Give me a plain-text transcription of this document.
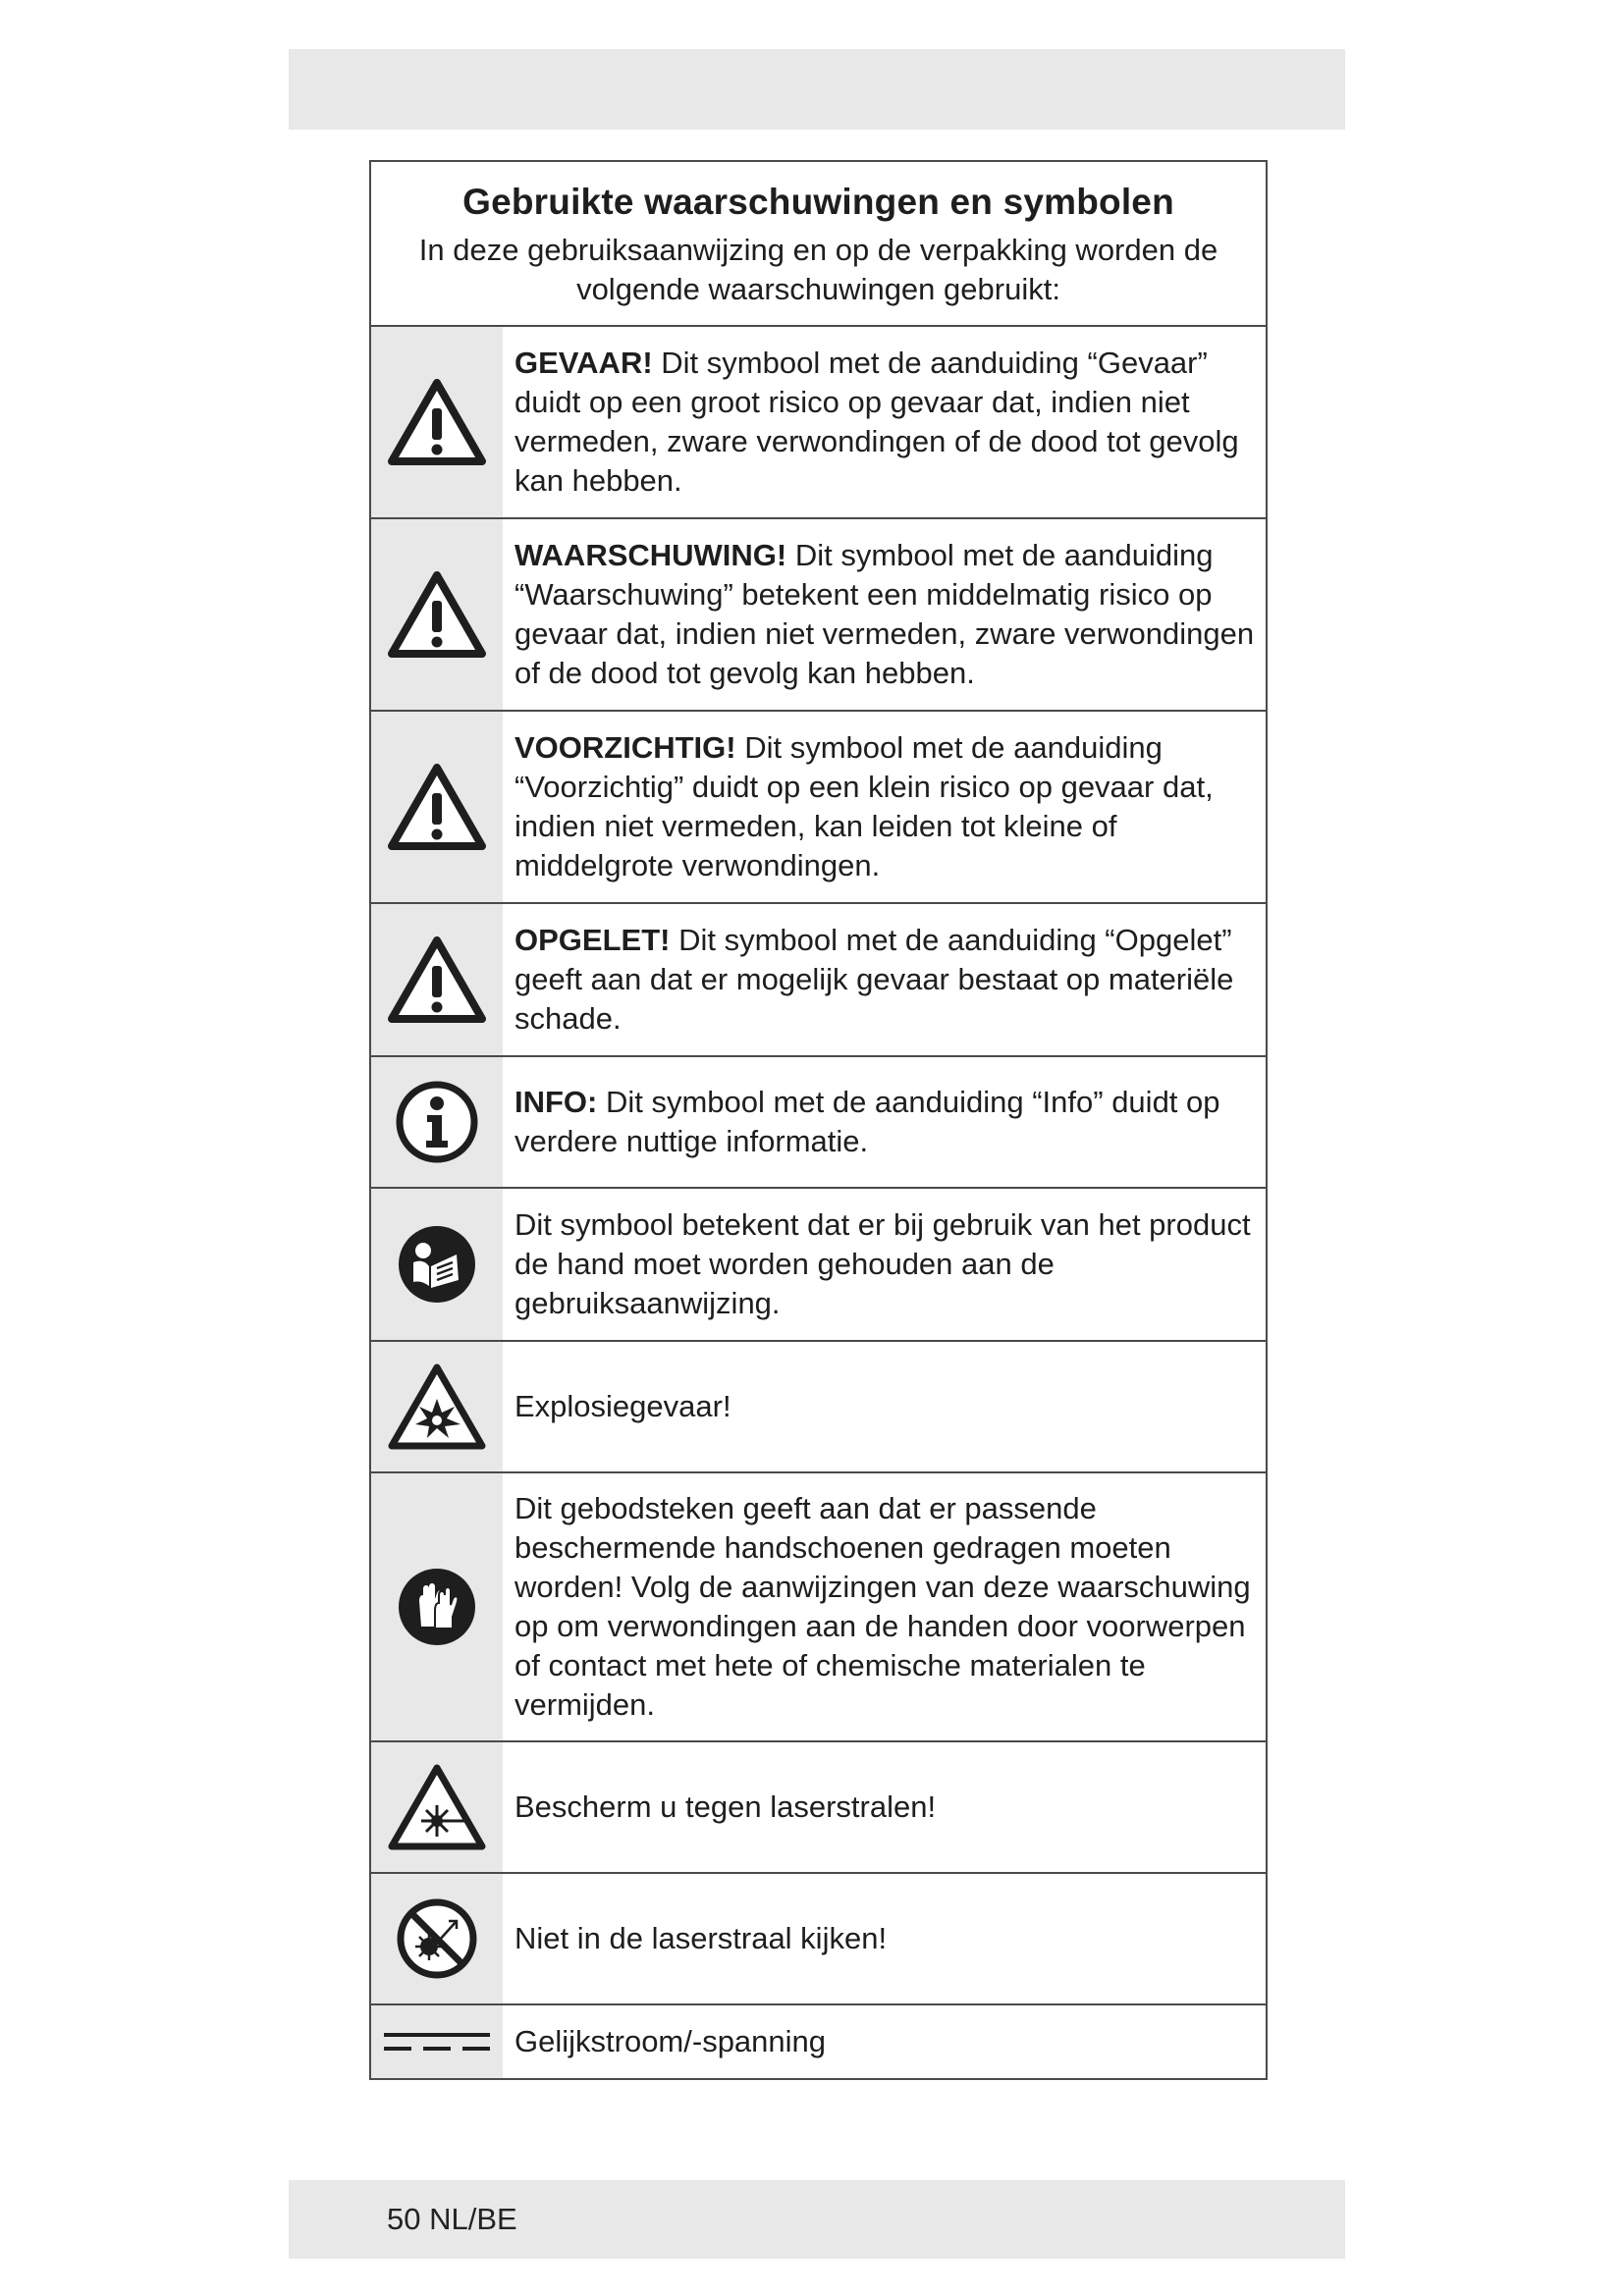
Gebruikte waarschuwingen en symbolen
In deze gebruiksaanwijzing en op de verpakking worden de volgende waarschuwingen gebruikt:
GEVAAR! Dit symbool met de aanduiding “Gevaar” duidt op een groot risico op gevaar dat, indien niet vermeden, zware verwondingen of de dood tot gevolg kan hebben.
WAARSCHUWING! Dit symbool met de aanduiding “Waarschuwing” betekent een middelmatig risico op gevaar dat, indien niet vermeden, zware verwondingen of de dood tot gevolg kan hebben.
VOORZICHTIG! Dit symbool met de aanduiding “Voorzichtig” duidt op een klein risico op gevaar dat, indien niet vermeden, kan leiden tot kleine of middelgrote verwondingen.
OPGELET! Dit symbool met de aanduiding “Opgelet” geeft aan dat er mogelijk gevaar bestaat op materiële schade.
INFO: Dit symbool met de aanduiding “Info” duidt op verdere nuttige informatie.
Dit symbool betekent dat er bij gebruik van het product de hand moet worden gehouden aan de gebruiksaanwijzing.
Explosiegevaar!
Dit gebodsteken geeft aan dat er passende beschermende handschoenen gedragen moeten worden! Volg de aanwijzingen van deze waarschuwing op om verwondingen aan de handen door voorwerpen of contact met hete of chemische materialen te vermijden.
Bescherm u tegen laserstralen!
Niet in de laserstraal kijken!
Gelijkstroom/-spanning
50 NL/BE
